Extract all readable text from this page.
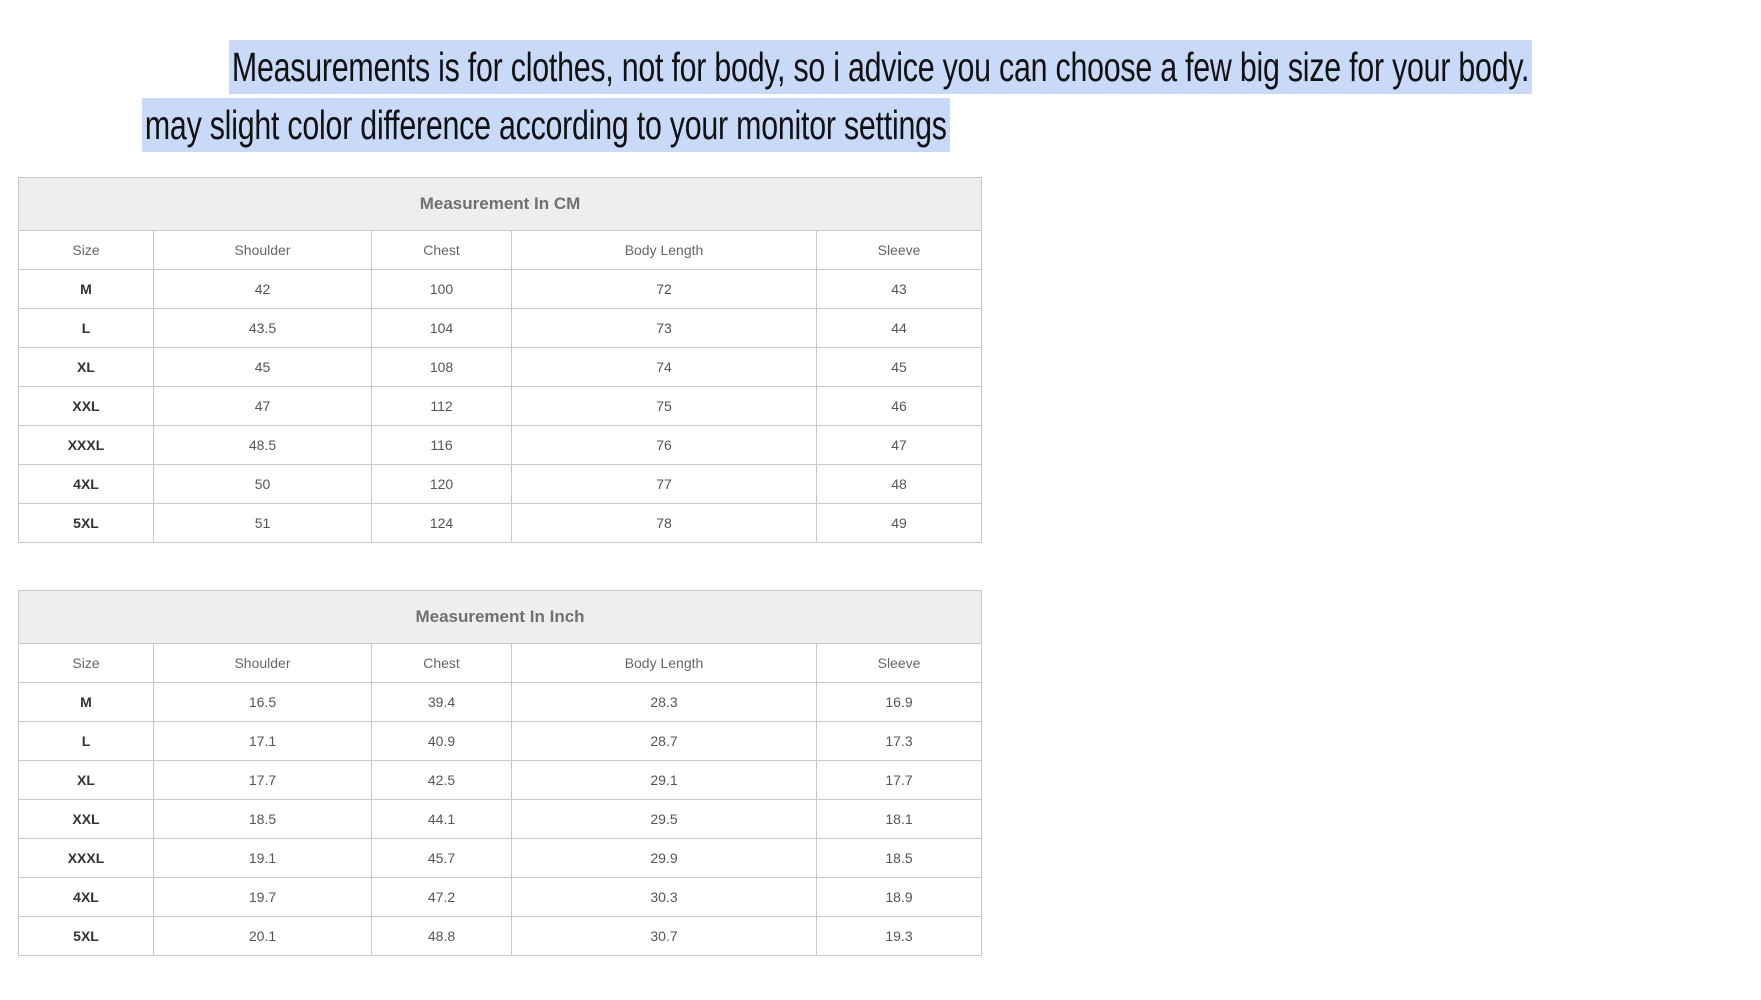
Measurements is for clothes, not for body, so i advice you can choose a few big size for your body.
may slight color difference according to your monitor settings
Measurement In CM				
Size	Shoulder	Chest	Body Length	Sleeve
M	42	100	72	43
L	43.5	104	73	44
XL	45	108	74	45
XXL	47	112	75	46
XXXL	48.5	116	76	47
4XL	50	120	77	48
5XL	51	124	78	49
Measurement In Inch				
Size	Shoulder	Chest	Body Length	Sleeve
M	16.5	39.4	28.3	16.9
L	17.1	40.9	28.7	17.3
XL	17.7	42.5	29.1	17.7
XXL	18.5	44.1	29.5	18.1
XXXL	19.1	45.7	29.9	18.5
4XL	19.7	47.2	30.3	18.9
5XL	20.1	48.8	30.7	19.3
